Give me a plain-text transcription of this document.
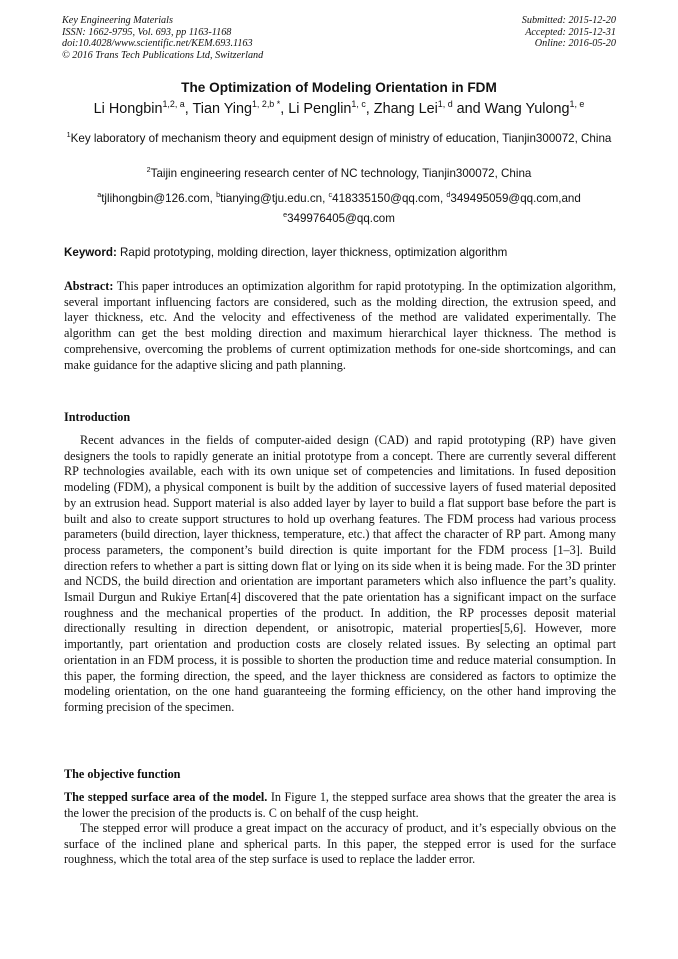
Key Engineering Materials
ISSN: 1662-9795, Vol. 693, pp 1163-1168
doi:10.4028/www.scientific.net/KEM.693.1163
© 2016 Trans Tech Publications Ltd, Switzerland
Submitted: 2015-12-20
Accepted: 2015-12-31
Online: 2016-05-20
The Optimization of Modeling Orientation in FDM
Li Hongbin$^{1,2, a}$, Tian Ying$^{1, 2,b *}$, Li Penglin$^{1, c}$, Zhang Lei$^{1, d}$ and Wang Yulong$^{1, e}$
$^1$Key laboratory of mechanism theory and equipment design of ministry of education, Tianjin300072, China
$^2$Taijin engineering research center of NC technology, Tianjin300072, China
$^a$tjlihongbin@126.com, $^b$tianying@tju.edu.cn, $^c$418335150@qq.com, $^d$349495059@qq.com,and
$^e$349976405@qq.com
Keyword: Rapid prototyping, molding direction, layer thickness, optimization algorithm
Abstract: This paper introduces an optimization algorithm for rapid prototyping. In the optimization algorithm, several important influencing factors are considered, such as the molding direction, the extrusion speed, and layer thickness, etc. And the velocity and effectiveness of the method are validated experimentally. The algorithm can get the best molding direction and maximum hierarchical layer thickness. The method is comprehensive, overcoming the problems of current optimization methods for one-side shortcomings, and can make guidance for the adaptive slicing and path planning.
Introduction
Recent advances in the fields of computer-aided design (CAD) and rapid prototyping (RP) have given designers the tools to rapidly generate an initial prototype from a concept. There are currently several different RP technologies available, each with its own unique set of competencies and limitations. In fused deposition modeling (FDM), a physical component is built by the addition of successive layers of fused material deposited by an extrusion head. Support material is also added layer by layer to build a flat support base before the part is built and also to create support structures to hold up overhang features. The FDM process had various process parameters (build direction, layer thickness, temperature, etc.) that affect the character of RP part. Among many process parameters, the component’s build direction is quite important for the FDM process [1–3]. Build direction refers to whether a part is sitting down flat or lying on its side when it is being made. For the 3D printer and NCDS, the build direction and orientation are important parameters which also influence the part’s quality. Ismail Durgun and Rukiye Ertan[4] discovered that the pate orientation has a significant impact on the surface roughness and the mechanical properties of the product. In addition, the RP processes deposit material directionally resulting in direction dependent, or anisotropic, material properties[5,6]. However, more importantly, part orientation and production costs are closely related issues. By selecting an optimal part orientation in an FDM process, it is possible to shorten the production time and reduce material consumption. In this paper, the forming direction, the speed, and the layer thickness are considered as factors to optimize the modeling orientation, on the one hand guaranteeing the forming efficiency, on the other hand improving the forming precision of the specimen.
The objective function
The stepped surface area of the model. In Figure 1, the stepped surface area shows that the greater the area is the lower the precision of the products is. C on behalf of the cusp height.
The stepped error will produce a great impact on the accuracy of product, and it’s especially obvious on the surface of the inclined plane and spherical parts. In this paper, the stepped error is used for the surface roughness, which the total area of the step surface is used to replace the ladder error.
